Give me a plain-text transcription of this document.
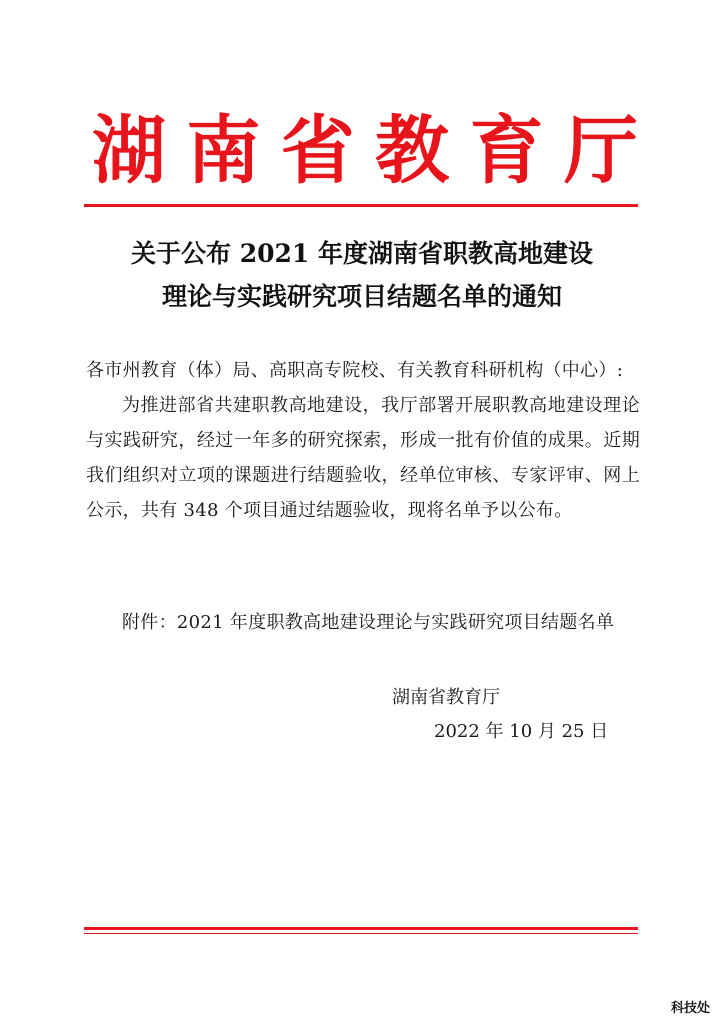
湖 南 省 教 育 厅
关于公布 2021 年度湖南省职教高地建设
理论与实践研究项目结题名单的通知
各市州教育（体）局、高职高专院校、有关教育科研机构（中心）:
为推进部省共建职教高地建设，我厅部署开展职教高地建设理论与实践研究，经过一年多的研究探索，形成一批有价值的成果。近期我们组织对立项的课题进行结题验收，经单位审核、专家评审、网上公示，共有 348 个项目通过结题验收，现将名单予以公布。
附件：2021 年度职教高地建设理论与实践研究项目结题名单
湖南省教育厅
2022 年 10 月 25 日
科技处
